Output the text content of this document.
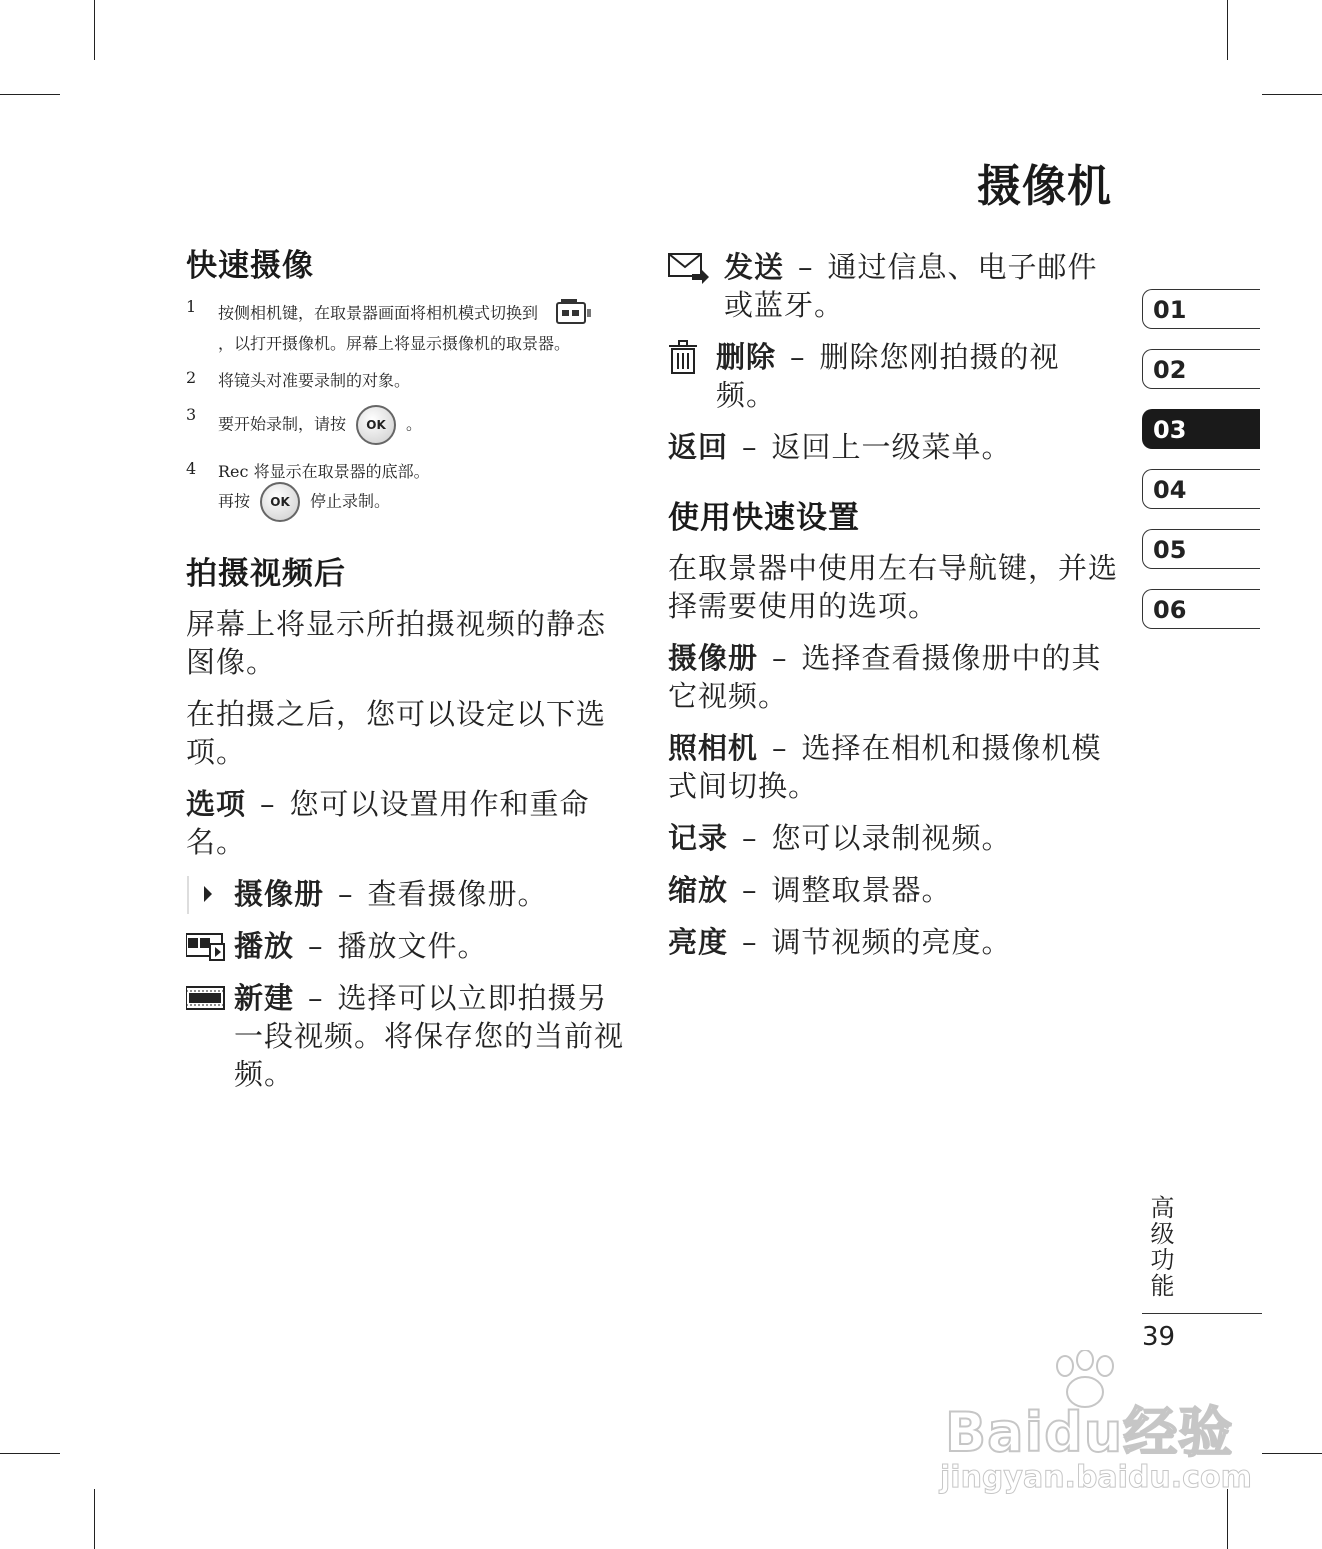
摄像机
快速摄像
1	按侧相机键，在取景器画面将相机模式切换到，以打开摄像机。屏幕上将显示摄像机的取景器。
2	将镜头对准要录制的对象。
3	要开始录制，请按 OK 。
4	Rec 将显示在取景器的底部。
再按 OK 停止录制。
拍摄视频后

屏幕上将显示所拍摄视频的静态图像。

在拍摄之后，您可以设定以下选项。

选项 – 您可以设置用作和重命名。

摄像册 – 查看摄像册。
播放 – 播放文件。
新建 – 选择可以立即拍摄另一段视频。将保存您的当前视频。
发送 – 通过信息、电子邮件或蓝牙。
删除 – 删除您刚拍摄的视频。

返回 – 返回上一级菜单。

使用快速设置

在取景器中使用左右导航键，并选择需要使用的选项。

摄像册 – 选择查看摄像册中的其它视频。

照相机 – 选择在相机和摄像机模式间切换。

记录 – 您可以录制视频。

缩放 – 调整取景器。

亮度 – 调节视频的亮度。

01
02
03
04
05
06
高级功能
39
Baidu经验
jingyan.baidu.com
